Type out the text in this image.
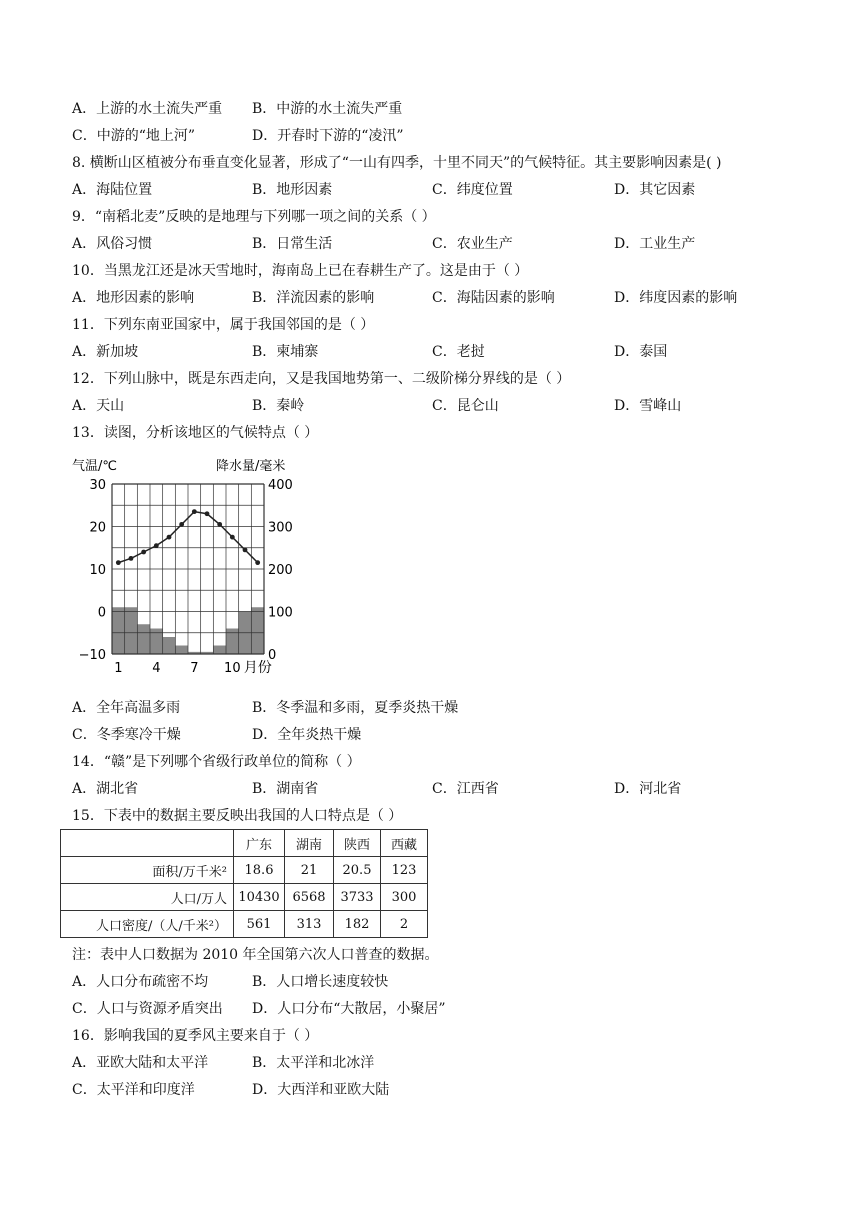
A．上游的水土流失严重 B．中游的水土流失严重
C．中游的“地上河”	D．开春时下游的“凌汛”
8. 横断山区植被分布垂直变化显著，形成了“一山有四季，十里不同天”的气候特征。其主要影响因素是( )
A．海陆位置	B．地形因素	C．纬度位置	D．其它因素
9．“南稻北麦”反映的是地理与下列哪一项之间的关系（ ）
A．风俗习惯	B．日常生活	C．农业生产	D．工业生产
10．当黑龙江还是冰天雪地时，海南岛上已在春耕生产了。这是由于（ ）
A．地形因素的影响	B．洋流因素的影响	C．海陆因素的影响	D．纬度因素的影响
11．下列东南亚国家中，属于我国邻国的是（ ）
A．新加坡	B．柬埔寨	C．老挝	D．泰国
12．下列山脉中，既是东西走向，又是我国地势第一、二级阶梯分界线的是（ ）
A．天山	B．秦岭	C．昆仑山	D．雪峰山
13．读图，分析该地区的气候特点（ ）
气温/℃	降水量/毫米
30
20
10
0
−10
400
300
200
100
0
1 4 7 10 月份
A．全年高温多雨	B．冬季温和多雨，夏季炎热干燥
C．冬季寒冷干燥	D．全年炎热干燥
14．“赣”是下列哪个省级行政单位的简称（ ）
A．湖北省	B．湖南省	C．江西省	D．河北省
15．下表中的数据主要反映出我国的人口特点是（ ）
	广东	湖南	陕西	西藏
面积/万千米²	18.6	21	20.5	123
人口/万人	10430	6568	3733	300
人口密度/（人/千米²）	561	313	182	2
注：表中人口数据为 2010 年全国第六次人口普查的数据。
A．人口分布疏密不均	B．人口增长速度较快
C．人口与资源矛盾突出 D．人口分布“大散居，小聚居”
16．影响我国的夏季风主要来自于（ ）
A．亚欧大陆和太平洋	B．太平洋和北冰洋
C．太平洋和印度洋	D．大西洋和亚欧大陆
